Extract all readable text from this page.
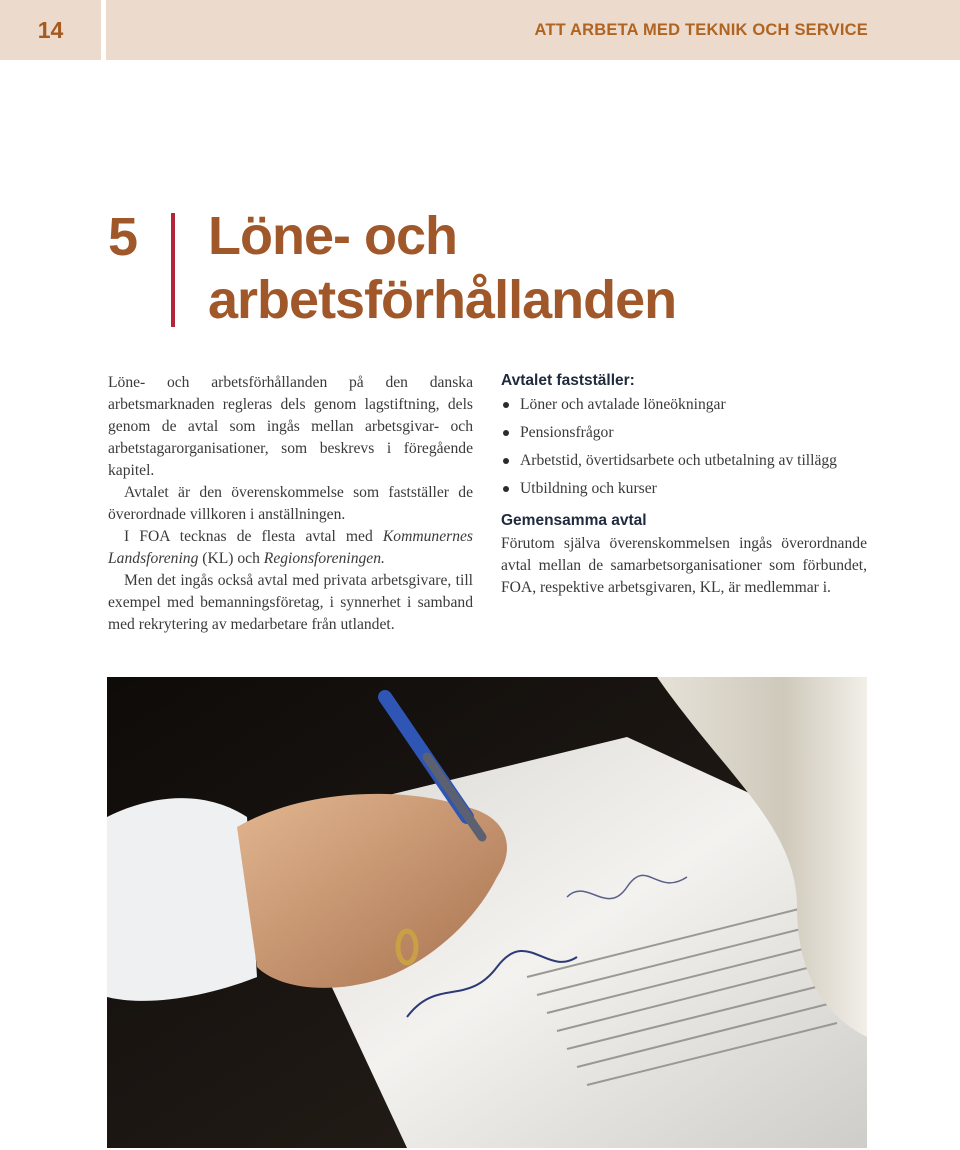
14	ATT ARBETA MED TEKNIK OCH SERVICE
5 Löne- och
arbetsförhållanden

Löne- och arbetsförhållanden på den danska arbetsmarknaden regleras dels genom lagstiftning, dels genom de avtal som ingås mellan arbetsgivar- och arbetstagarorganisationer, som beskrevs i föregående kapitel.

Avtalet är den överenskommelse som fastställer de överordnade villkoren i anställningen.

I FOA tecknas de flesta avtal med Kommunernes Landsforening (KL) och Regionsforeningen.

Men det ingås också avtal med privata arbetsgivare, till exempel med bemanningsföretag, i synnerhet i samband med rekrytering av medarbetare från utlandet.

Avtalet fastställer:
Löner och avtalade löneökningar
Pensionsfrågor
Arbetstid, övertidsarbete och utbetalning av tillägg
Utbildning och kurser
Gemensamma avtal

Förutom själva överenskommelsen ingås överordnande avtal mellan de samarbetsorganisationer som förbundet, FOA, respektive arbetsgivaren, KL, är medlemmar i.
